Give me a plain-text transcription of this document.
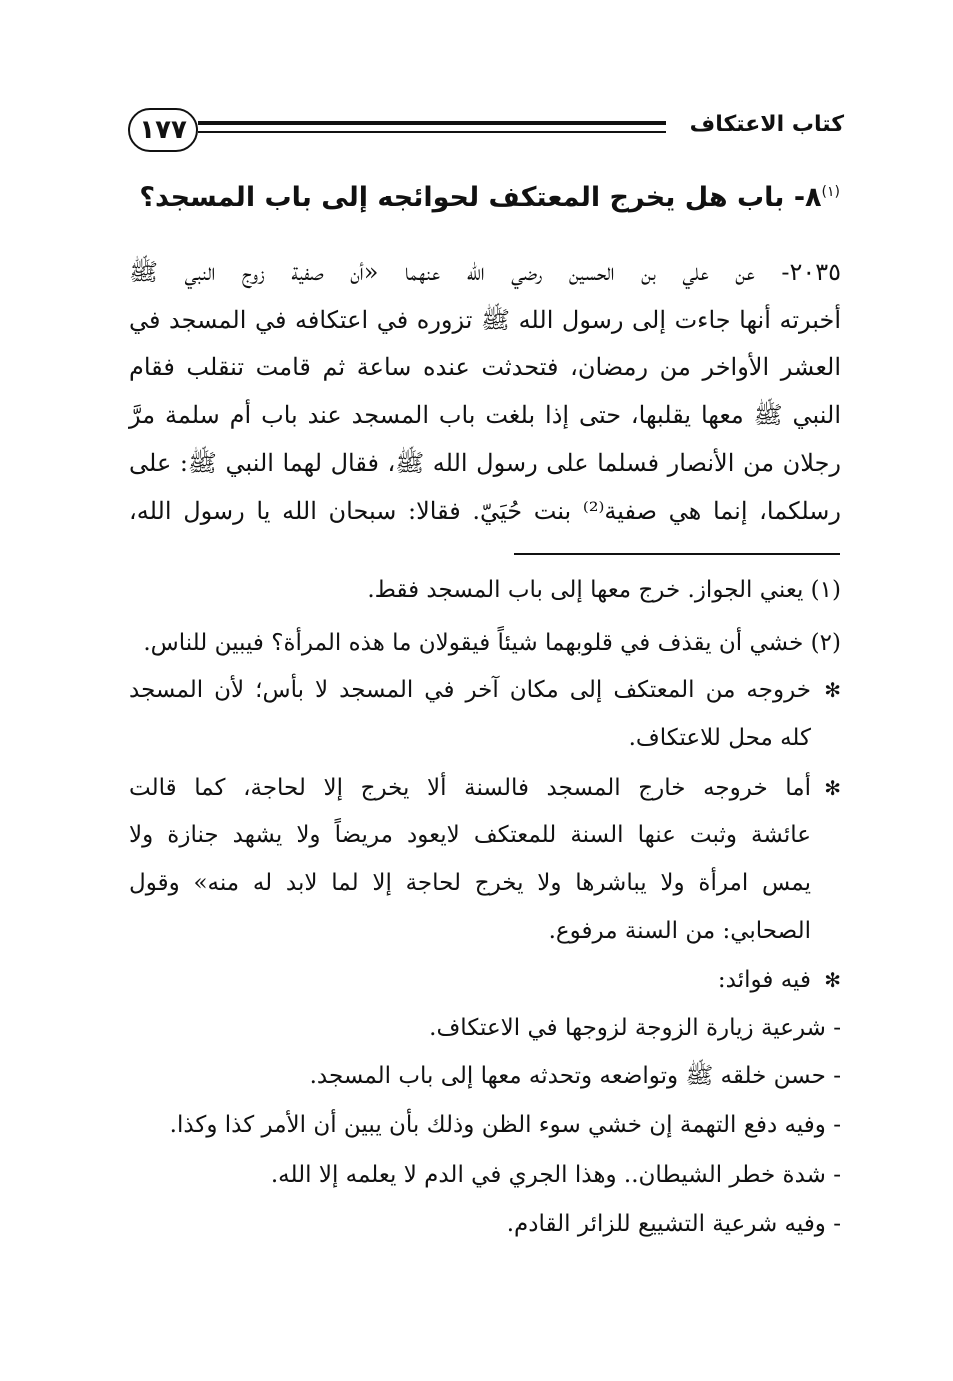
١٧٧	كتاب الاعتكاف
$^{(١)}$٨- باب هل يخرج المعتكف لحوائجه إلى باب المسجد؟
٢٠٣٥- عن علي بن الحسين رضي الله عنهما «أن صفية زوج النبي ﷺ
أخبرته أنها جاءت إلى رسول الله ﷺ تزوره في اعتكافه في المسجد في
العشر الأواخر من رمضان، فتحدثت عنده ساعة ثم قامت تنقلب فقام
النبي ﷺ معها يقلبها، حتى إذا بلغت باب المسجد عند باب أم سلمة مرَّ
رجلان من الأنصار فسلما على رسول الله ﷺ، فقال لهما النبي ﷺ: على
رسلكما، إنما هي صفية⁽²⁾ بنت حُيَيّ. فقالا: سبحان الله يا رسول الله،
(١) يعني الجواز. خرج معها إلى باب المسجد فقط.
(٢) خشي أن يقذف في قلوبهما شيئاً فيقولان ما هذه المرأة؟ فيبين للناس.
✻خروجه من المعتكف إلى مكان آخر في المسجد لا بأس؛ لأن المسجد
كله محل للاعتكاف.
✻أما خروجه خارج المسجد فالسنة ألا يخرج إلا لحاجة، كما قالت
عائشة وثبت عنها السنة للمعتكف لايعود مريضاً ولا يشهد جنازة ولا
يمس امرأة ولا يباشرها ولا يخرج لحاجة إلا لما لابد له منه» وقول
الصحابي: من السنة مرفوع.
✻فيه فوائد:
- شرعية زيارة الزوجة لزوجها في الاعتكاف.
- حسن خلقه ﷺ وتواضعه وتحدثه معها إلى باب المسجد.
- وفيه دفع التهمة إن خشي سوء الظن وذلك بأن يبين أن الأمر كذا وكذا.
- شدة خطر الشيطان.. وهذا الجري في الدم لا يعلمه إلا الله.
- وفيه شرعية التشييع للزائر القادم.
